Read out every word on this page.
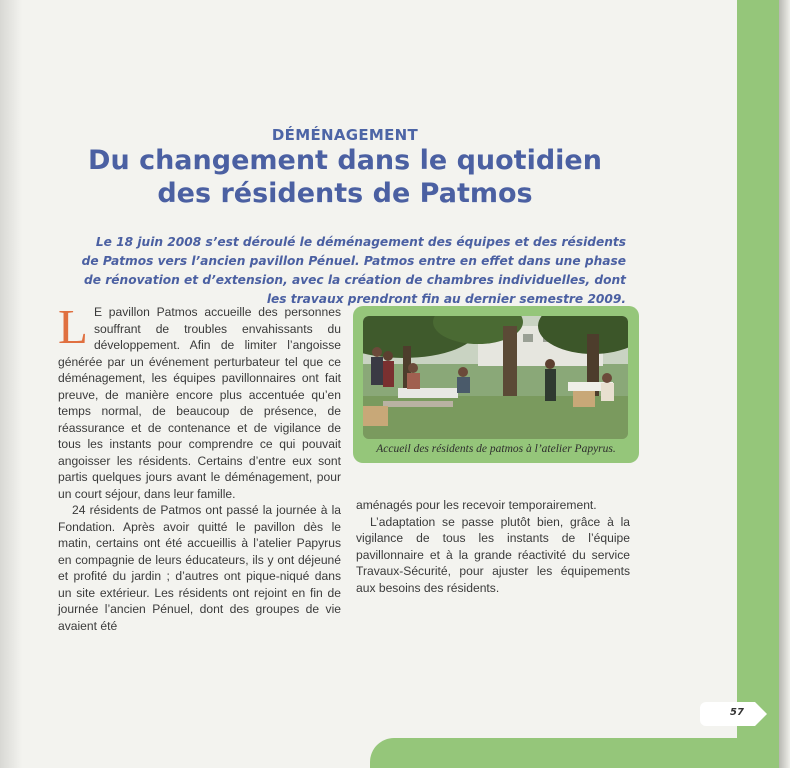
57
DÉMÉNAGEMENT
Du changement dans le quotidien
des résidents de Patmos
Le 18 juin 2008 s’est déroulé le déménagement des équipes et des résidents de Patmos vers l’ancien pavillon Pénuel. Patmos entre en effet dans une phase de rénovation et d’extension, avec la création de chambres individuelles, dont les travaux prendront fin au dernier semestre 2009.

L E pavillon Patmos accueille des personnes souffrant de troubles envahissants du développement. Afin de limiter l’angoisse générée par un événement perturbateur tel que ce déménagement, les équipes pavillonnaires ont fait preuve, de manière encore plus accentuée qu’en temps normal, de beaucoup de présence, de réassurance et de contenance et de vigilance de tous les instants pour comprendre ce qui pouvait angoisser les résidents. Certains d’entre eux sont partis quelques jours avant le déménagement, pour un court séjour, dans leur famille.

24 résidents de Patmos ont passé la journée à la Fondation. Après avoir quitté le pavillon dès le matin, certains ont été accueillis à l’atelier Papyrus en compagnie de leurs éducateurs, ils y ont déjeuné et profité du jardin ; d’autres ont pique-niqué dans un site extérieur. Les résidents ont rejoint en fin de journée l’ancien Pénuel, dont des groupes de vie avaient été

Accueil des résidents de patmos à l’atelier Papyrus.

aménagés pour les recevoir temporairement.

L’adaptation se passe plutôt bien, grâce à la vigilance de tous les instants de l’équipe pavillonnaire et à la grande réactivité du service Travaux-Sécurité, pour ajuster les équipements aux besoins des résidents.
